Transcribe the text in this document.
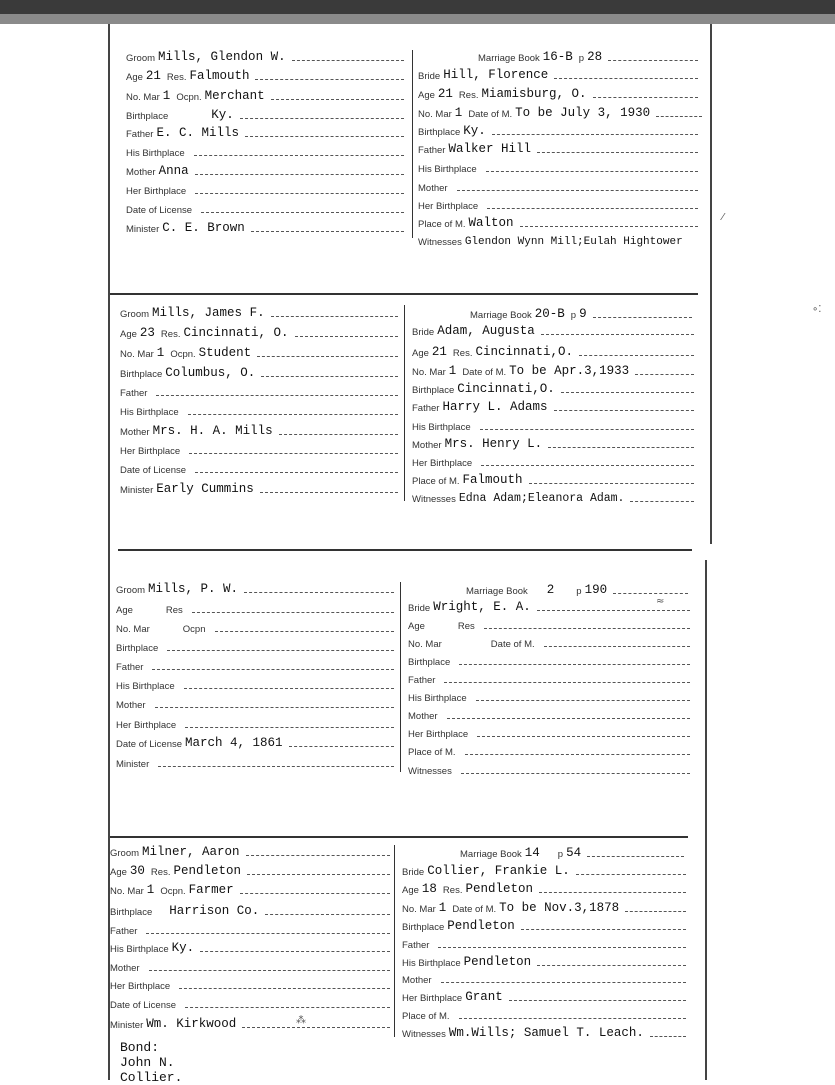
Groom Mills, Glendon W.
Age 21 Res. Falmouth
No. Mar 1 Ocpn. Merchant
Birthplace	Ky.
Father E. C. Mills
His Birthplace
Mother Anna
Her Birthplace
Date of License
Minister C. E. Brown
Marriage Book 16-B p 28
Bride Hill, Florence
Age 21 Res. Miamisburg, O.
No. Mar 1 Date of M. To be July 3, 1930
Birthplace Ky.
Father Walker Hill
His Birthplace
Mother
Her Birthplace
Place of M. Walton
Witnesses Glendon Wynn Mill;Eulah Hightower
Groom Mills, James F.
Age 23 Res. Cincinnati, O.
No. Mar 1 Ocpn. Student
Birthplace Columbus, O.
Father
His Birthplace
Mother Mrs. H. A. Mills
Her Birthplace
Date of License
Minister Early Cummins
Marriage Book 20-B p 9
Bride Adam, Augusta
Age 21 Res. Cincinnati,O.
No. Mar 1 Date of M. To be Apr.3,1933
Birthplace Cincinnati,O.
Father Harry L. Adams
His Birthplace
Mother Mrs. Henry L.
Her Birthplace
Place of M. Falmouth
Witnesses Edna Adam;Eleanora Adam.
Groom Mills, P. W.
Age	Res
No. Mar	Ocpn
Birthplace
Father
His Birthplace
Mother
Her Birthplace
Date of License March 4, 1861
Minister
Marriage Book 2 p 190
Bride Wright, E. A.
Age	Res
No. Mar	Date of M.
Birthplace
Father
His Birthplace
Mother
Her Birthplace
Place of M.
Witnesses
Groom Milner, Aaron
Age 30 Res. Pendleton
No. Mar 1 Ocpn. Farmer
Birthplace Harrison Co.
Father
His Birthplace Ky.
Mother
Her Birthplace
Date of License
Minister Wm. Kirkwood
Marriage Book 14 p 54
Bride Collier, Frankie L.
Age 18 Res. Pendleton
No. Mar 1 Date of M. To be Nov.3,1878
Birthplace Pendleton
Father
His Birthplace Pendleton
Mother
Her Birthplace Grant
Place of M.
Witnesses Wm.Wills; Samuel T. Leach.
Bond: John N. Collier.
⁄
∘⁚
≈
⁂
